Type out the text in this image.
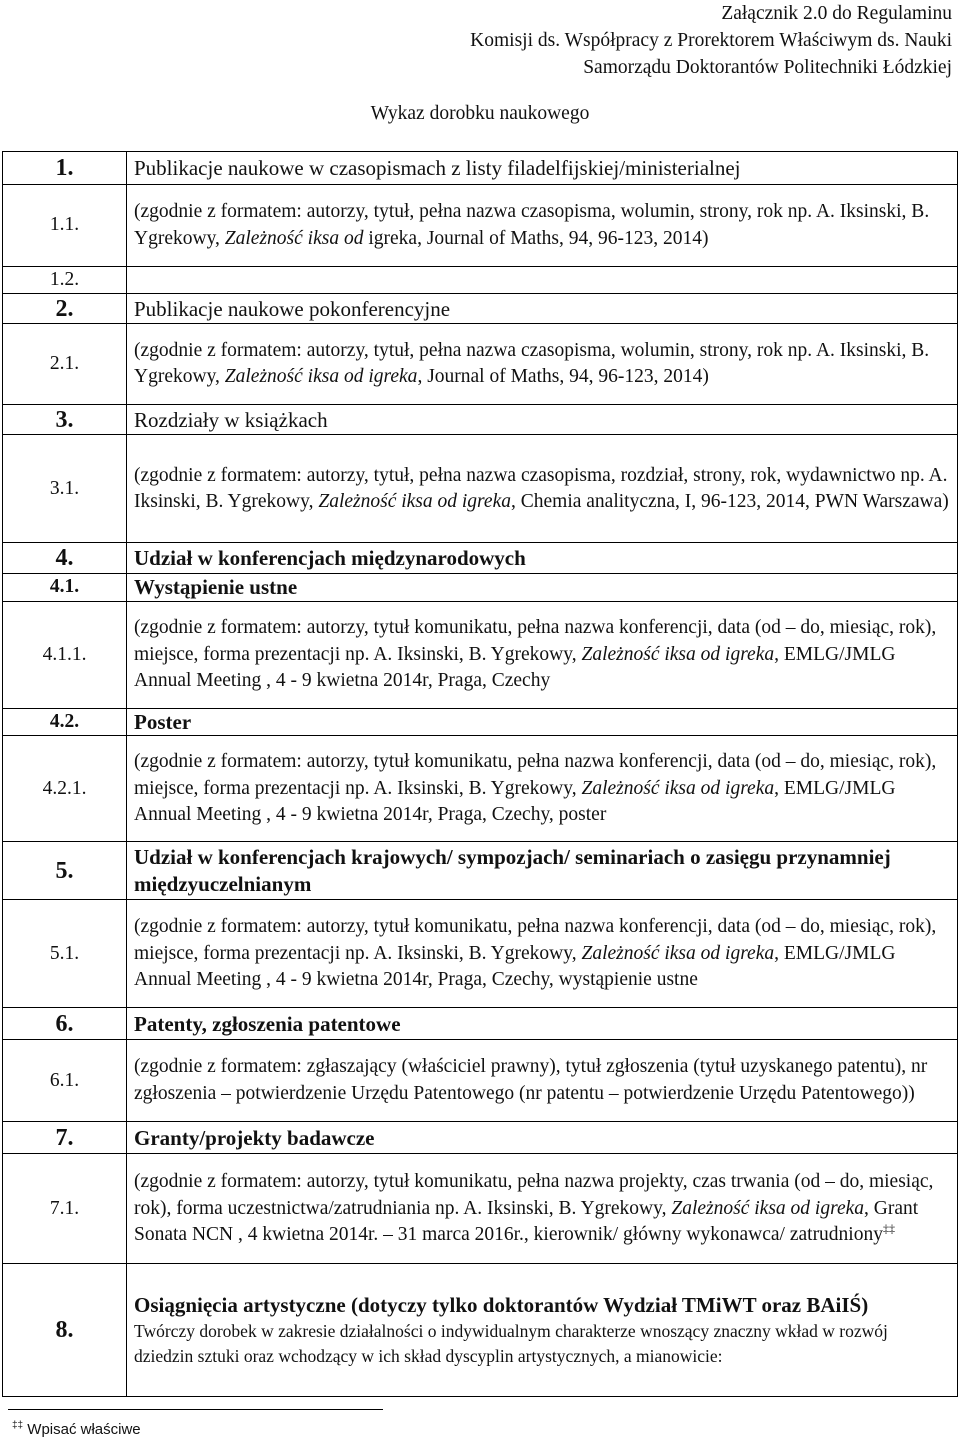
Załącznik 2.0 do Regulaminu
Komisji ds. Współpracy z Prorektorem Właściwym ds. Nauki
Samorządu Doktorantów Politechniki Łódzkiej
Wykaz dorobku naukowego
1.	Publikacje naukowe w czasopismach z listy filadelfijskiej/ministerialnej
1.1.	(zgodnie z formatem: autorzy, tytuł, pełna nazwa czasopisma, wolumin, strony, rok np. A. Iksinski, B. Ygrekowy, Zależność iksa od igreka, Journal of Maths, 94, 96-123, 2014)
1.2.	
2.	Publikacje naukowe pokonferencyjne
2.1.	(zgodnie z formatem: autorzy, tytuł, pełna nazwa czasopisma, wolumin, strony, rok np. A. Iksinski, B. Ygrekowy, Zależność iksa od igreka, Journal of Maths, 94, 96-123, 2014)
3.	Rozdziały w książkach
3.1.	(zgodnie z formatem: autorzy, tytuł, pełna nazwa czasopisma, rozdział, strony, rok, wydawnictwo np. A. Iksinski, B. Ygrekowy, Zależność iksa od igreka, Chemia analityczna, I, 96-123, 2014, PWN Warszawa)
4.	Udział w konferencjach międzynarodowych
4.1.	Wystąpienie ustne
4.1.1.	(zgodnie z formatem: autorzy, tytuł komunikatu, pełna nazwa konferencji, data (od – do, miesiąc, rok), miejsce, forma prezentacji np. A. Iksinski, B. Ygrekowy, Zależność iksa od igreka, EMLG/JMLG Annual Meeting , 4 - 9 kwietna 2014r, Praga, Czechy
4.2.	Poster
4.2.1.	(zgodnie z formatem: autorzy, tytuł komunikatu, pełna nazwa konferencji, data (od – do, miesiąc, rok), miejsce, forma prezentacji np. A. Iksinski, B. Ygrekowy, Zależność iksa od igreka, EMLG/JMLG Annual Meeting , 4 - 9 kwietna 2014r, Praga, Czechy, poster
5.	Udział w konferencjach krajowych/ sympozjach/ seminariach o zasięgu przynamniej międzyuczelnianym
5.1.	(zgodnie z formatem: autorzy, tytuł komunikatu, pełna nazwa konferencji, data (od – do, miesiąc, rok), miejsce, forma prezentacji np. A. Iksinski, B. Ygrekowy, Zależność iksa od igreka, EMLG/JMLG Annual Meeting , 4 - 9 kwietna 2014r, Praga, Czechy, wystąpienie ustne
6.	Patenty, zgłoszenia patentowe
6.1.	(zgodnie z formatem: zgłaszający (właściciel prawny), tytuł zgłoszenia (tytuł uzyskanego patentu), nr zgłoszenia – potwierdzenie Urzędu Patentowego (nr patentu – potwierdzenie Urzędu Patentowego))
7.	Granty/projekty badawcze
7.1.	(zgodnie z formatem: autorzy, tytuł komunikatu, pełna nazwa projekty, czas trwania (od – do, miesiąc, rok), forma uczestnictwa/zatrudniania np. A. Iksinski, B. Ygrekowy, Zależność iksa od igreka, Grant Sonata NCN , 4 kwietna 2014r. – 31 marca 2016r., kierownik/ główny wykonawca/ zatrudniony‡‡
8.	Osiągnięcia artystyczne (dotyczy tylko doktorantów Wydział TMiWT oraz BAiIŚ)
Twórczy dorobek w zakresie działalności o indywidualnym charakterze wnoszący znaczny wkład w rozwój dziedzin sztuki oraz wchodzący w ich skład dyscyplin artystycznych, a mianowicie:
‡‡ Wpisać właściwe
